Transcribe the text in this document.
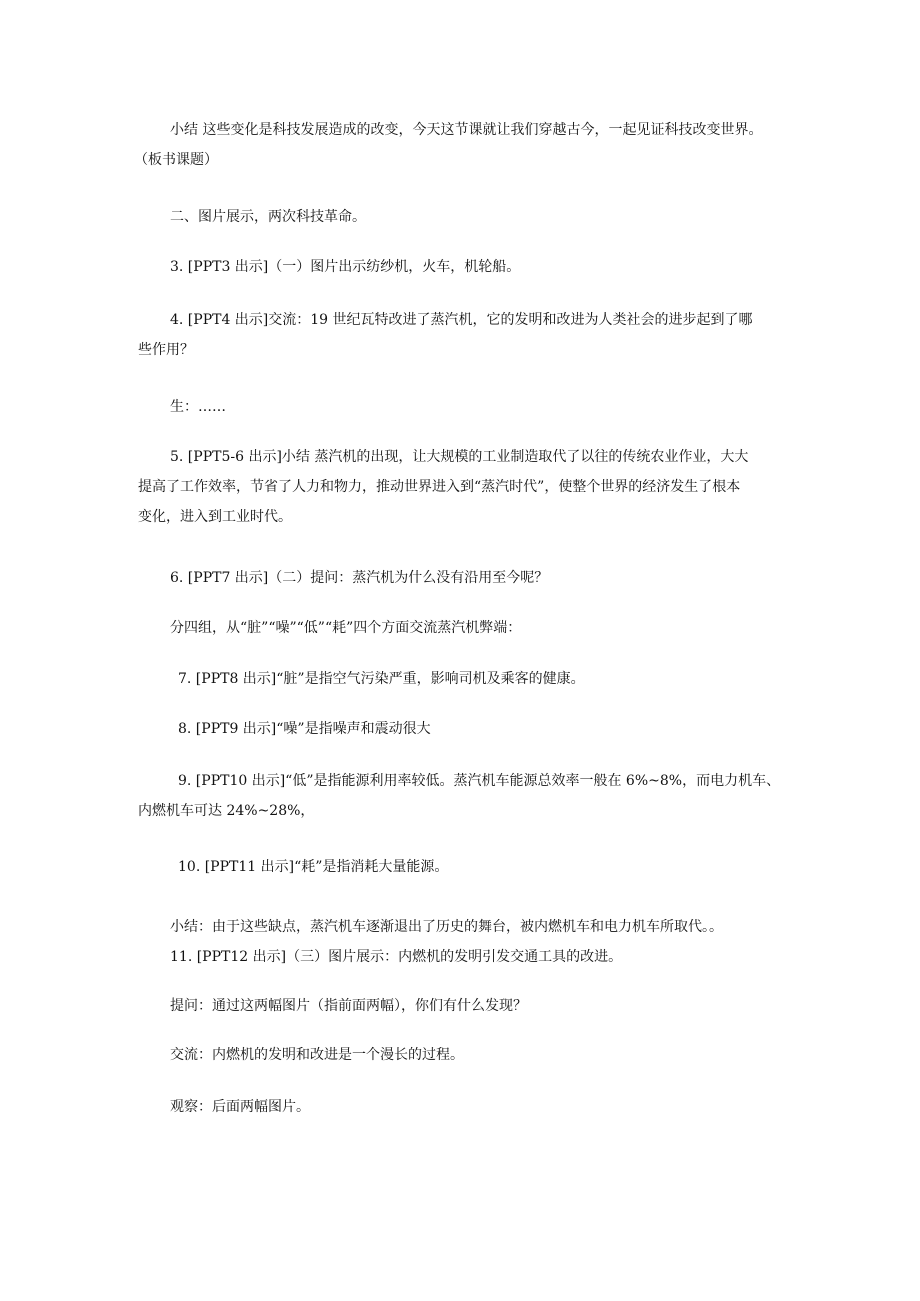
小结 这些变化是科技发展造成的改变，今天这节课就让我们穿越古今，一起见证科技改变世界。
（板书课题）
二、图片展示，两次科技革命。
3. [PPT3 出示]（一）图片出示纺纱机，火车，机轮船。
4. [PPT4 出示]交流：19 世纪瓦特改进了蒸汽机，它的发明和改进为人类社会的进步起到了哪
些作用？
生：……
5. [PPT5-6 出示]小结 蒸汽机的出现，让大规模的工业制造取代了以往的传统农业作业，大大
提高了工作效率，节省了人力和物力，推动世界进入到“蒸汽时代”，使整个世界的经济发生了根本
变化，进入到工业时代。
6. [PPT7 出示]（二）提问：蒸汽机为什么没有沿用至今呢？
分四组，从“脏”“噪”“低”“耗”四个方面交流蒸汽机弊端：
7. [PPT8 出示]“脏”是指空气污染严重，影响司机及乘客的健康。
8. [PPT9 出示]“噪”是指噪声和震动很大
9. [PPT10 出示]“低”是指能源利用率较低。蒸汽机车能源总效率一般在 6%~8%，而电力机车、
内燃机车可达 24%~28%，
10. [PPT11 出示]“耗”是指消耗大量能源。
小结：由于这些缺点，蒸汽机车逐渐退出了历史的舞台，被内燃机车和电力机车所取代。。
11. [PPT12 出示]（三）图片展示：内燃机的发明引发交通工具的改进。
提问：通过这两幅图片（指前面两幅），你们有什么发现？
交流：内燃机的发明和改进是一个漫长的过程。
观察：后面两幅图片。
